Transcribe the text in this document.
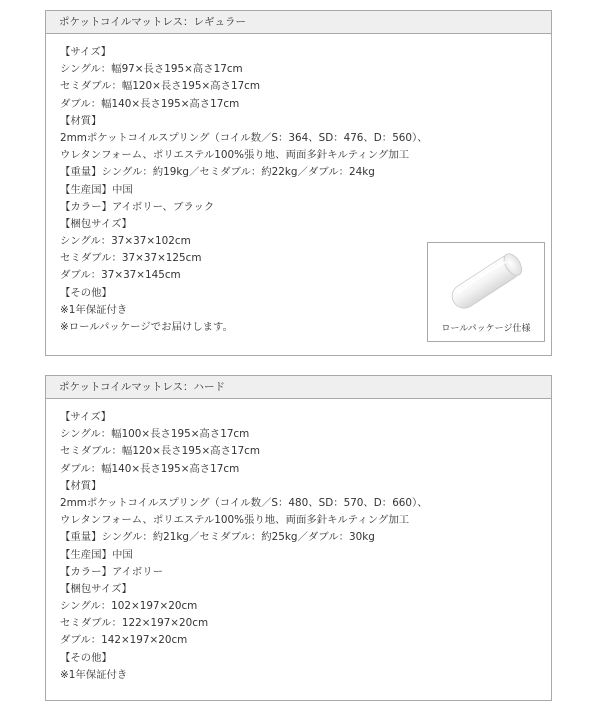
ポケットコイルマットレス：レギュラー
【サイズ】
シングル：幅97×長さ195×高さ17cm
セミダブル：幅120×長さ195×高さ17cm
ダブル：幅140×長さ195×高さ17cm
【材質】
2mmポケットコイルスプリング（コイル数／S：364、SD：476、D：560）、
ウレタンフォーム、ポリエステル100%張り地、両面多針キルティング加工
【重量】シングル：約19kg／セミダブル：約22kg／ダブル：24kg
【生産国】中国
【カラー】アイボリー、ブラック
【梱包サイズ】
シングル：37×37×102cm
セミダブル：37×37×125cm
ダブル：37×37×145cm
【その他】
※1年保証付き
※ロールパッケージでお届けします。	ロールパッケージ仕様
ポケットコイルマットレス：ハード
【サイズ】
シングル：幅100×長さ195×高さ17cm
セミダブル：幅120×長さ195×高さ17cm
ダブル：幅140×長さ195×高さ17cm
【材質】
2mmポケットコイルスプリング（コイル数／S：480、SD：570、D：660）、
ウレタンフォーム、ポリエステル100%張り地、両面多針キルティング加工
【重量】シングル：約21kg／セミダブル：約25kg／ダブル：30kg
【生産国】中国
【カラー】アイボリー
【梱包サイズ】
シングル：102×197×20cm
セミダブル：122×197×20cm
ダブル：142×197×20cm
【その他】
※1年保証付き
